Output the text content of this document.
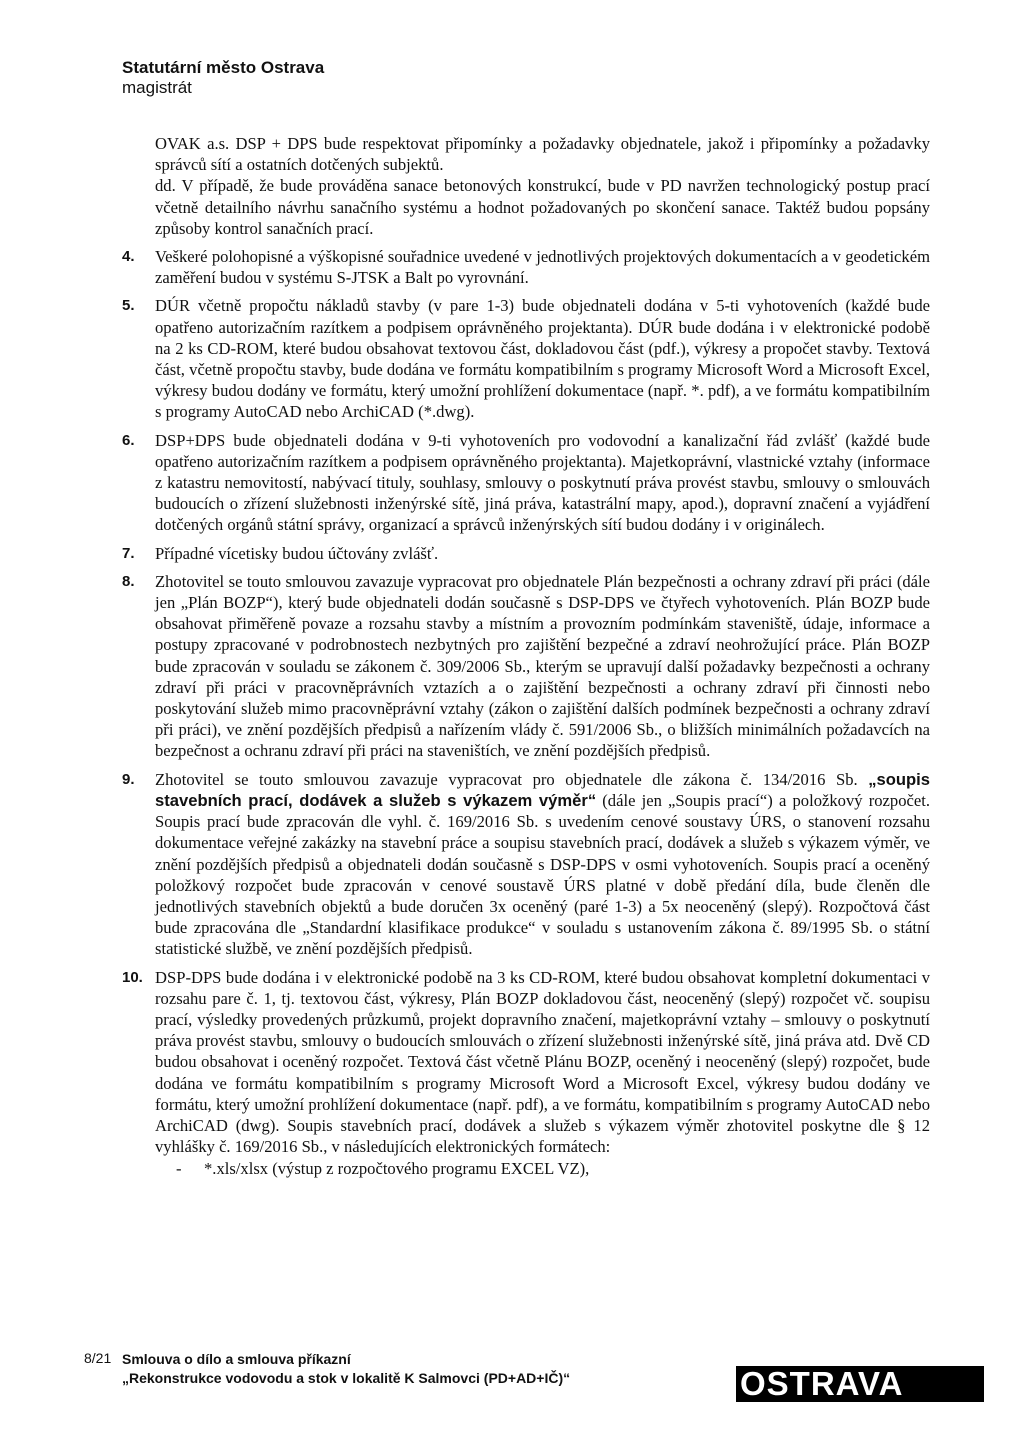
Statutární město Ostrava
magistrát

OVAK a.s. DSP + DPS bude respektovat připomínky a požadavky objednatele, jakož i připomínky a požadavky správců sítí a ostatních dotčených subjektů.

dd. V případě, že bude prováděna sanace betonových konstrukcí, bude v PD navržen technologický postup prací včetně detailního návrhu sanačního systému a hodnot požadovaných po skončení sanace. Taktéž budou popsány způsoby kontrol sanačních prací.

4.	Veškeré polohopisné a výškopisné souřadnice uvedené v jednotlivých projektových dokumentacích a v geodetickém zaměření budou v systému S-JTSK a Balt po vyrovnání.

5.	DÚR včetně propočtu nákladů stavby (v pare 1-3) bude objednateli dodána v 5-ti vyhotoveních (každé bude opatřeno autorizačním razítkem a podpisem oprávněného projektanta). DÚR bude dodána i v elektronické podobě na 2 ks CD-ROM, které budou obsahovat textovou část, dokladovou část (pdf.), výkresy a propočet stavby. Textová část, včetně propočtu stavby, bude dodána ve formátu kompatibilním s programy Microsoft Word a Microsoft Excel, výkresy budou dodány ve formátu, který umožní prohlížení dokumentace (např. *. pdf), a ve formátu kompatibilním s programy AutoCAD nebo ArchiCAD (*.dwg).

6.	DSP+DPS bude objednateli dodána v 9-ti vyhotoveních pro vodovodní a kanalizační řád zvlášť (každé bude opatřeno autorizačním razítkem a podpisem oprávněného projektanta). Majetkoprávní, vlastnické vztahy (informace z katastru nemovitostí, nabývací tituly, souhlasy, smlouvy o poskytnutí práva provést stavbu, smlouvy o smlouvách budoucích o zřízení služebnosti inženýrské sítě, jiná práva, katastrální mapy, apod.), dopravní značení a vyjádření dotčených orgánů státní správy, organizací a správců inženýrských sítí budou dodány i v originálech.

7.	Případné vícetisky budou účtovány zvlášť.

8.	Zhotovitel se touto smlouvou zavazuje vypracovat pro objednatele Plán bezpečnosti a ochrany zdraví při práci (dále jen „Plán BOZP“), který bude objednateli dodán současně s DSP-DPS ve čtyřech vyhotoveních. Plán BOZP bude obsahovat přiměřeně povaze a rozsahu stavby a místním a provozním podmínkám staveniště, údaje, informace a postupy zpracované v podrobnostech nezbytných pro zajištění bezpečné a zdraví neohrožující práce. Plán BOZP bude zpracován v souladu se zákonem č. 309/2006 Sb., kterým se upravují další požadavky bezpečnosti a ochrany zdraví při práci v pracovněprávních vztazích a o zajištění bezpečnosti a ochrany zdraví při činnosti nebo poskytování služeb mimo pracovněprávní vztahy (zákon o zajištění dalších podmínek bezpečnosti a ochrany zdraví při práci), ve znění pozdějších předpisů a nařízením vlády č. 591/2006 Sb., o bližších minimálních požadavcích na bezpečnost a ochranu zdraví při práci na staveništích, ve znění pozdějších předpisů.

9.	Zhotovitel se touto smlouvou zavazuje vypracovat pro objednatele dle zákona č. 134/2016 Sb. „soupis stavebních prací, dodávek a služeb s výkazem výměr“ (dále jen „Soupis prací“) a položkový rozpočet. Soupis prací bude zpracován dle vyhl. č. 169/2016 Sb. s uvedením cenové soustavy ÚRS, o stanovení rozsahu dokumentace veřejné zakázky na stavební práce a soupisu stavebních prací, dodávek a služeb s výkazem výměr, ve znění pozdějších předpisů a objednateli dodán současně s DSP-DPS v osmi vyhotoveních. Soupis prací a oceněný položkový rozpočet bude zpracován v cenové soustavě ÚRS platné v době předání díla, bude členěn dle jednotlivých stavebních objektů a bude doručen 3x oceněný (paré 1-3) a 5x neoceněný (slepý). Rozpočtová část bude zpracována dle „Standardní klasifikace produkce“ v souladu s ustanovením zákona č. 89/1995 Sb. o státní statistické službě, ve znění pozdějších předpisů.

10. DSP-DPS bude dodána i v elektronické podobě na 3 ks CD-ROM, které budou obsahovat kompletní dokumentaci v rozsahu pare č. 1, tj. textovou část, výkresy, Plán BOZP dokladovou část, neoceněný (slepý) rozpočet vč. soupisu prací, výsledky provedených průzkumů, projekt dopravního značení, majetkoprávní vztahy – smlouvy o poskytnutí práva provést stavbu, smlouvy o budoucích smlouvách o zřízení služebnosti inženýrské sítě, jiná práva atd. Dvě CD budou obsahovat i oceněný rozpočet. Textová část včetně Plánu BOZP, oceněný i neoceněný (slepý) rozpočet, bude dodána ve formátu kompatibilním s programy Microsoft Word a Microsoft Excel, výkresy budou dodány ve formátu, který umožní prohlížení dokumentace (např. pdf), a ve formátu, kompatibilním s programy AutoCAD nebo ArchiCAD (dwg). Soupis stavebních prací, dodávek a služeb s výkazem výměr zhotovitel poskytne dle § 12 vyhlášky č. 169/2016 Sb., v následujících elektronických formátech:

-	*.xls/xlsx (výstup z rozpočtového programu EXCEL VZ),
8/21 Smlouva o dílo a smlouva příkazní
„Rekonstrukce vodovodu a stok v lokalitě K Salmovci (PD+AD+IČ)“	OSTRAVA
